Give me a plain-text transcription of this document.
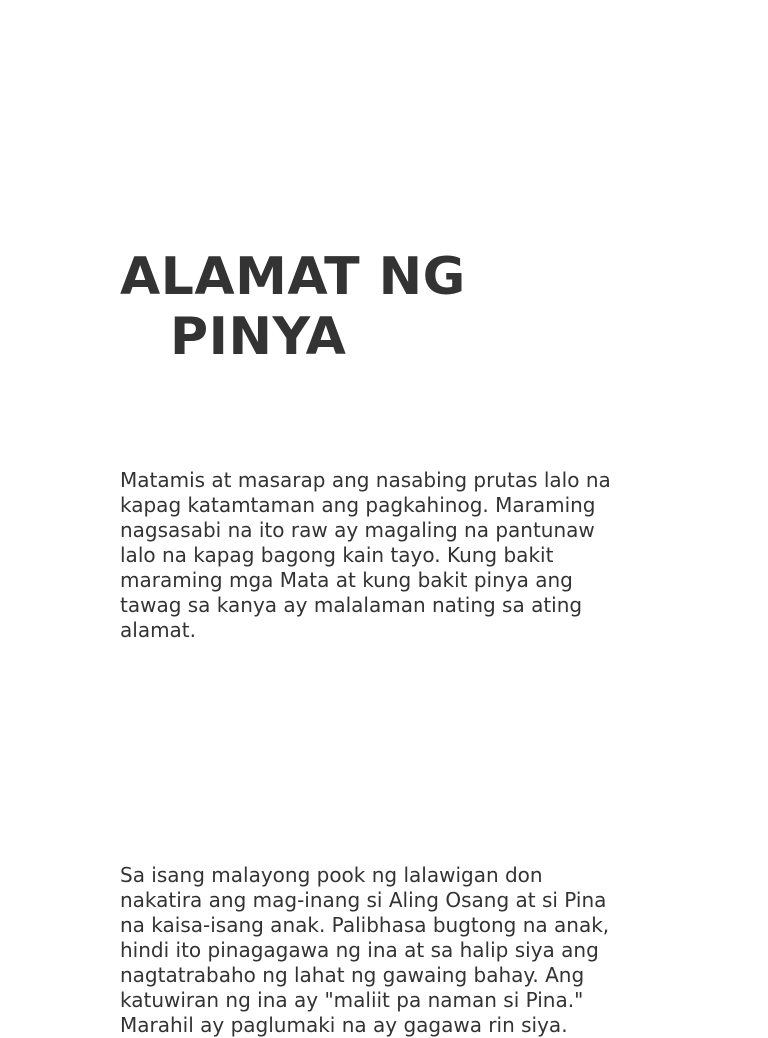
ALAMAT NG
PINYA

Matamis at masarap ang nasabing prutas lalo na
kapag katamtaman ang pagkahinog. Maraming
nagsasabi na ito raw ay magaling na pantunaw
lalo na kapag bagong kain tayo. Kung bakit
maraming mga Mata at kung bakit pinya ang
tawag sa kanya ay malalaman nating sa ating
alamat.

Sa isang malayong pook ng lalawigan don
nakatira ang mag-inang si Aling Osang at si Pina
na kaisa-isang anak. Palibhasa bugtong na anak,
hindi ito pinagagawa ng ina at sa halip siya ang
nagtatrabaho ng lahat ng gawaing bahay. Ang
katuwiran ng ina ay "maliit pa naman si Pina."
Marahil ay paglumaki na ay gagawa rin siya.
